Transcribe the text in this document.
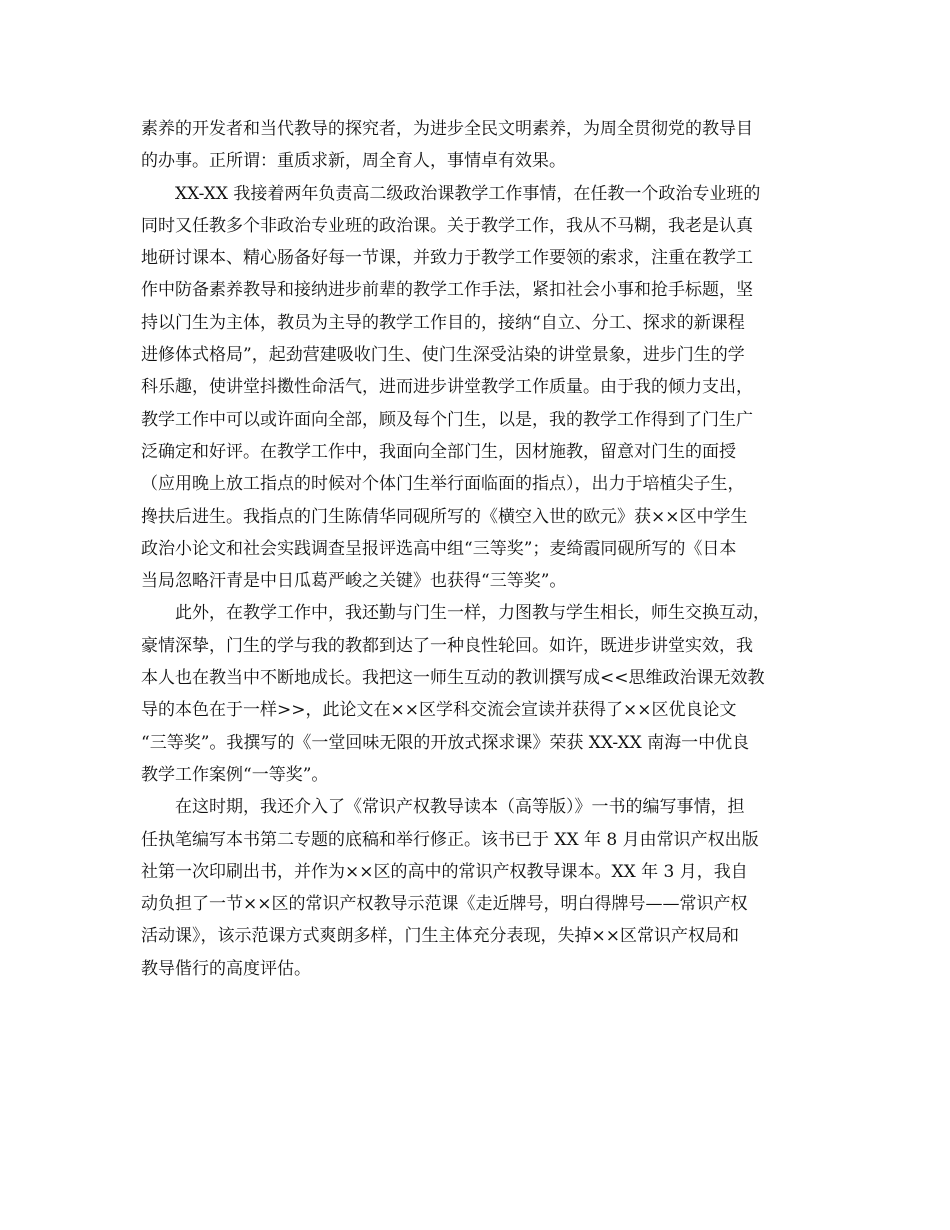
素养的开发者和当代教导的探究者，为进步全民文明素养，为周全贯彻党的教导目
的办事。正所谓：重质求新，周全育人，事情卓有效果。
XX-XX 我接着两年负责高二级政治课教学工作事情，在任教一个政治专业班的
同时又任教多个非政治专业班的政治课。关于教学工作，我从不马糊，我老是认真
地研讨课本、精心肠备好每一节课，并致力于教学工作要领的索求，注重在教学工
作中防备素养教导和接纳进步前辈的教学工作手法，紧扣社会小事和抢手标题，坚
持以门生为主体，教员为主导的教学工作目的，接纳“自立、分工、探求的新课程
进修体式格局”，起劲营建吸收门生、使门生深受沾染的讲堂景象，进步门生的学
科乐趣，使讲堂抖擞性命活气，进而进步讲堂教学工作质量。由于我的倾力支出，
教学工作中可以或许面向全部，顾及每个门生，以是，我的教学工作得到了门生广
泛确定和好评。在教学工作中，我面向全部门生，因材施教，留意对门生的面授
（应用晚上放工指点的时候对个体门生举行面临面的指点），出力于培植尖子生，
搀扶后进生。我指点的门生陈倩华同砚所写的《横空入世的欧元》获××区中学生
政治小论文和社会实践调查呈报评选高中组“三等奖”；麦绮霞同砚所写的《日本
当局忽略汗青是中日瓜葛严峻之关键》也获得“三等奖”。
此外，在教学工作中，我还勤与门生一样，力图教与学生相长，师生交换互动，
豪情深挚，门生的学与我的教都到达了一种良性轮回。如许，既进步讲堂实效，我
本人也在教当中不断地成长。我把这一师生互动的教训撰写成<<思维政治课无效教
导的本色在于一样>>，此论文在××区学科交流会宣读并获得了××区优良论文
“三等奖”。我撰写的《一堂回味无限的开放式探求课》荣获 XX-XX 南海一中优良
教学工作案例“一等奖”。
在这时期，我还介入了《常识产权教导读本（高等版）》一书的编写事情，担
任执笔编写本书第二专题的底稿和举行修正。该书已于 XX 年 8 月由常识产权出版
社第一次印刷出书，并作为××区的高中的常识产权教导课本。XX 年 3 月，我自
动负担了一节××区的常识产权教导示范课《走近牌号，明白得牌号——常识产权
活动课》，该示范课方式爽朗多样，门生主体充分表现，失掉××区常识产权局和
教导偕行的高度评估。
